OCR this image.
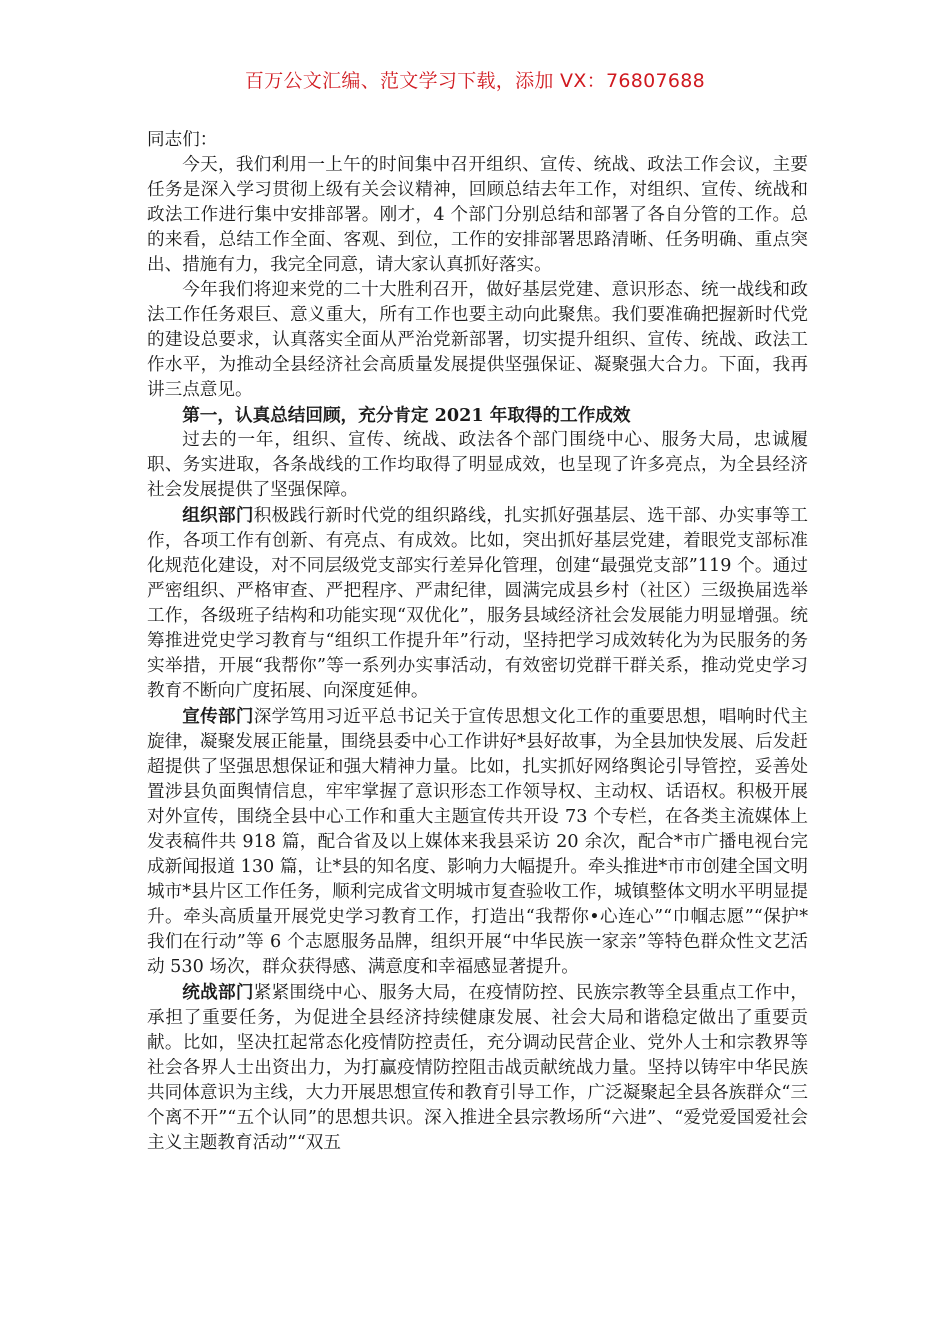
百万公文汇编、范文学习下载，添加 VX：76807688

同志们：

今天，我们利用一上午的时间集中召开组织、宣传、统战、政法工作会议，主要任务是深入学习贯彻上级有关会议精神，回顾总结去年工作，对组织、宣传、统战和政法工作进行集中安排部署。刚才，4 个部门分别总结和部署了各自分管的工作。总的来看，总结工作全面、客观、到位，工作的安排部署思路清晰、任务明确、重点突出、措施有力，我完全同意，请大家认真抓好落实。

今年我们将迎来党的二十大胜利召开，做好基层党建、意识形态、统一战线和政法工作任务艰巨、意义重大，所有工作也要主动向此聚焦。我们要准确把握新时代党的建设总要求，认真落实全面从严治党新部署，切实提升组织、宣传、统战、政法工作水平，为推动全县经济社会高质量发展提供坚强保证、凝聚强大合力。下面，我再讲三点意见。

第一，认真总结回顾，充分肯定 2021 年取得的工作成效

过去的一年，组织、宣传、统战、政法各个部门围绕中心、服务大局，忠诚履职、务实进取，各条战线的工作均取得了明显成效，也呈现了许多亮点，为全县经济社会发展提供了坚强保障。

组织部门积极践行新时代党的组织路线，扎实抓好强基层、选干部、办实事等工作，各项工作有创新、有亮点、有成效。比如，突出抓好基层党建，着眼党支部标准化规范化建设，对不同层级党支部实行差异化管理，创建“最强党支部”119 个。通过严密组织、严格审查、严把程序、严肃纪律，圆满完成县乡村（社区）三级换届选举工作，各级班子结构和功能实现“双优化”，服务县域经济社会发展能力明显增强。统筹推进党史学习教育与“组织工作提升年”行动，坚持把学习成效转化为为民服务的务实举措，开展“我帮你”等一系列办实事活动，有效密切党群干群关系，推动党史学习教育不断向广度拓展、向深度延伸。

宣传部门深学笃用习近平总书记关于宣传思想文化工作的重要思想，唱响时代主旋律，凝聚发展正能量，围绕县委中心工作讲好*县好故事，为全县加快发展、后发赶超提供了坚强思想保证和强大精神力量。比如，扎实抓好网络舆论引导管控，妥善处置涉县负面舆情信息，牢牢掌握了意识形态工作领导权、主动权、话语权。积极开展对外宣传，围绕全县中心工作和重大主题宣传共开设 73 个专栏，在各类主流媒体上发表稿件共 918 篇，配合省及以上媒体来我县采访 20 余次，配合*市广播电视台完成新闻报道 130 篇，让*县的知名度、影响力大幅提升。牵头推进*市市创建全国文明城市*县片区工作任务，顺利完成省文明城市复查验收工作，城镇整体文明水平明显提升。牵头高质量开展党史学习教育工作，打造出“我帮你•心连心”“巾帼志愿”“保护* 我们在行动”等 6 个志愿服务品牌，组织开展“中华民族一家亲”等特色群众性文艺活动 530 场次，群众获得感、满意度和幸福感显著提升。

统战部门紧紧围绕中心、服务大局，在疫情防控、民族宗教等全县重点工作中，承担了重要任务，为促进全县经济持续健康发展、社会大局和谐稳定做出了重要贡献。比如，坚决扛起常态化疫情防控责任，充分调动民营企业、党外人士和宗教界等社会各界人士出资出力，为打赢疫情防控阻击战贡献统战力量。坚持以铸牢中华民族共同体意识为主线，大力开展思想宣传和教育引导工作，广泛凝聚起全县各族群众“三个离不开”“五个认同”的思想共识。深入推进全县宗教场所“六进”、“爱党爱国爱社会主义主题教育活动”“双五
